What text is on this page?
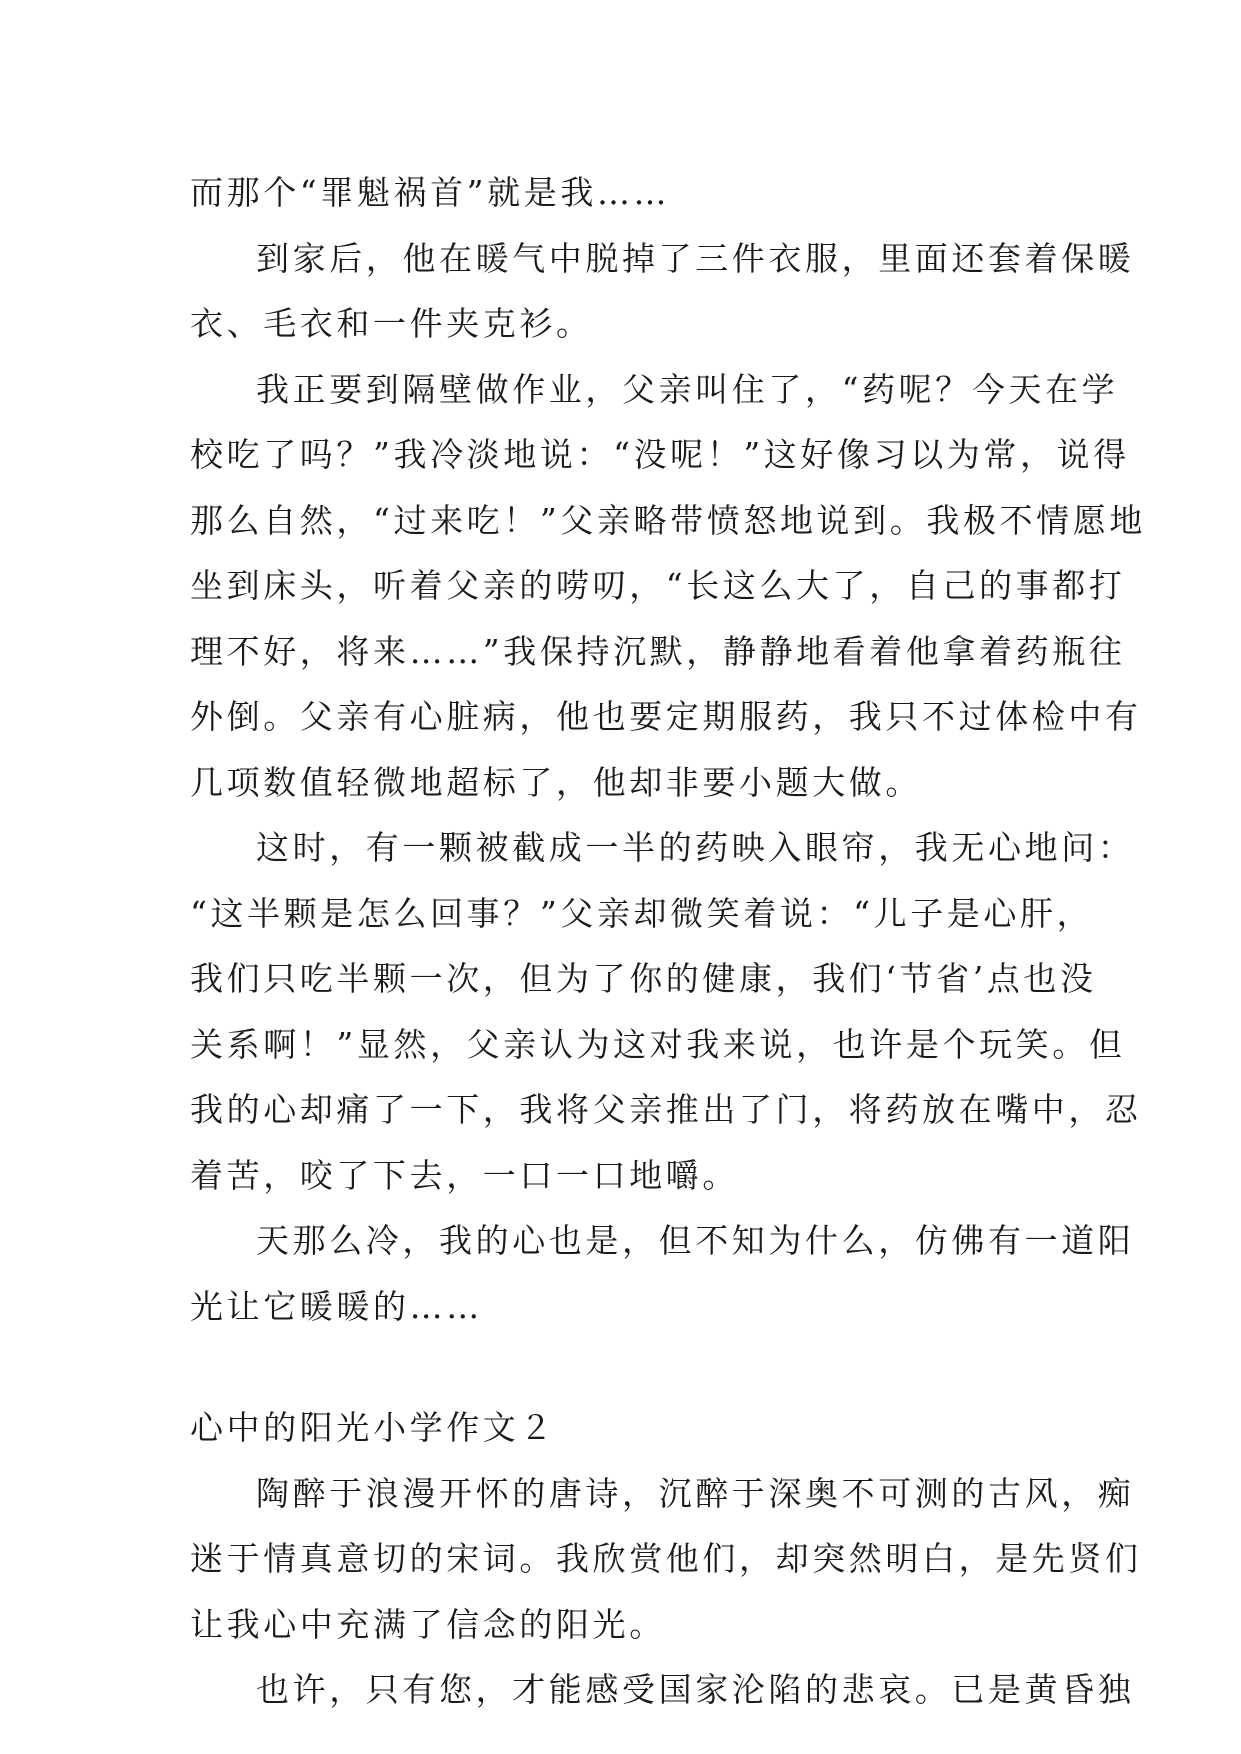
而那个“罪魁祸首”就是我……
到家后，他在暖气中脱掉了三件衣服，里面还套着保暖
衣、毛衣和一件夹克衫。
我正要到隔壁做作业，父亲叫住了，“药呢？今天在学
校吃了吗？”我冷淡地说：“没呢！”这好像习以为常，说得
那么自然，“过来吃！”父亲略带愤怒地说到。我极不情愿地
坐到床头，听着父亲的唠叨，“长这么大了，自己的事都打
理不好，将来……”我保持沉默，静静地看着他拿着药瓶往
外倒。父亲有心脏病，他也要定期服药，我只不过体检中有
几项数值轻微地超标了，他却非要小题大做。
这时，有一颗被截成一半的药映入眼帘，我无心地问：
“这半颗是怎么回事？”父亲却微笑着说：“儿子是心肝，
我们只吃半颗一次，但为了你的健康，我们‘节省’点也没
关系啊！”显然，父亲认为这对我来说，也许是个玩笑。但
我的心却痛了一下，我将父亲推出了门，将药放在嘴中，忍
着苦，咬了下去，一口一口地嚼。
天那么冷，我的心也是，但不知为什么，仿佛有一道阳
光让它暖暖的……
心中的阳光小学作文２
陶醉于浪漫开怀的唐诗，沉醉于深奥不可测的古风，痴
迷于情真意切的宋词。我欣赏他们，却突然明白，是先贤们
让我心中充满了信念的阳光。
也许，只有您，才能感受国家沦陷的悲哀。已是黄昏独
